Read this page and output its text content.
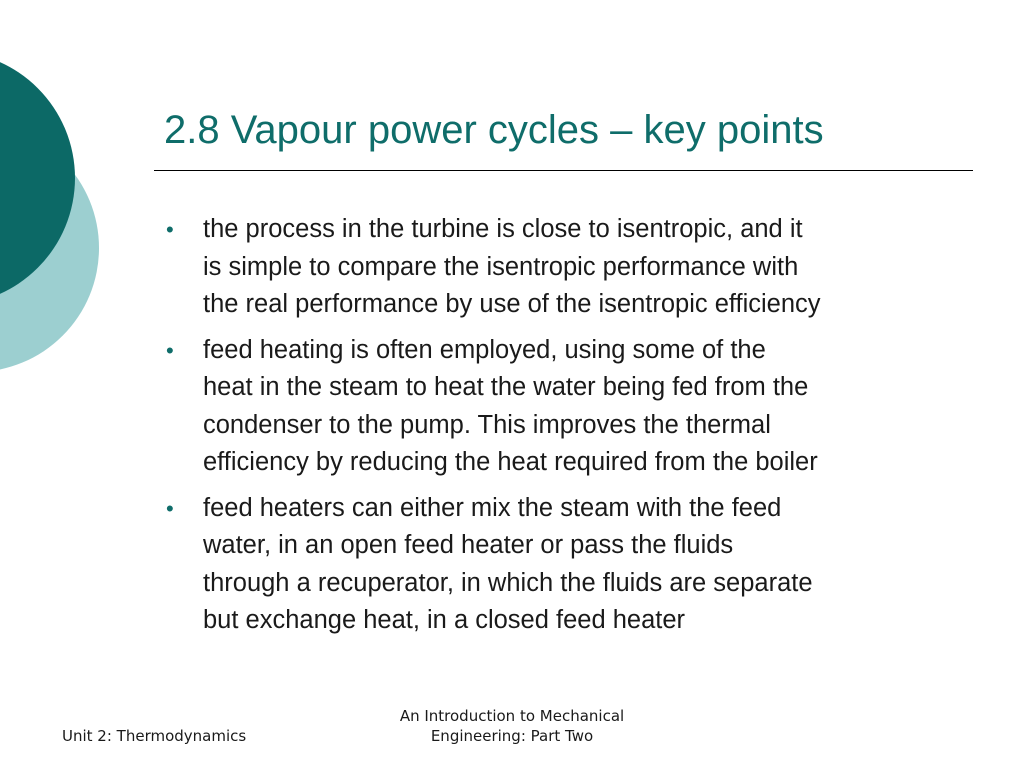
2.8 Vapour power cycles – key points
• the process in the turbine is close to isentropic, and it
is simple to compare the isentropic performance with
the real performance by use of the isentropic efficiency
• feed heating is often employed, using some of the
heat in the steam to heat the water being fed from the
condenser to the pump. This improves the thermal
efficiency by reducing the heat required from the boiler
• feed heaters can either mix the steam with the feed
water, in an open feed heater or pass the fluids
through a recuperator, in which the fluids are separate
but exchange heat, in a closed feed heater
Unit 2: Thermodynamics
An Introduction to Mechanical
Engineering: Part Two
